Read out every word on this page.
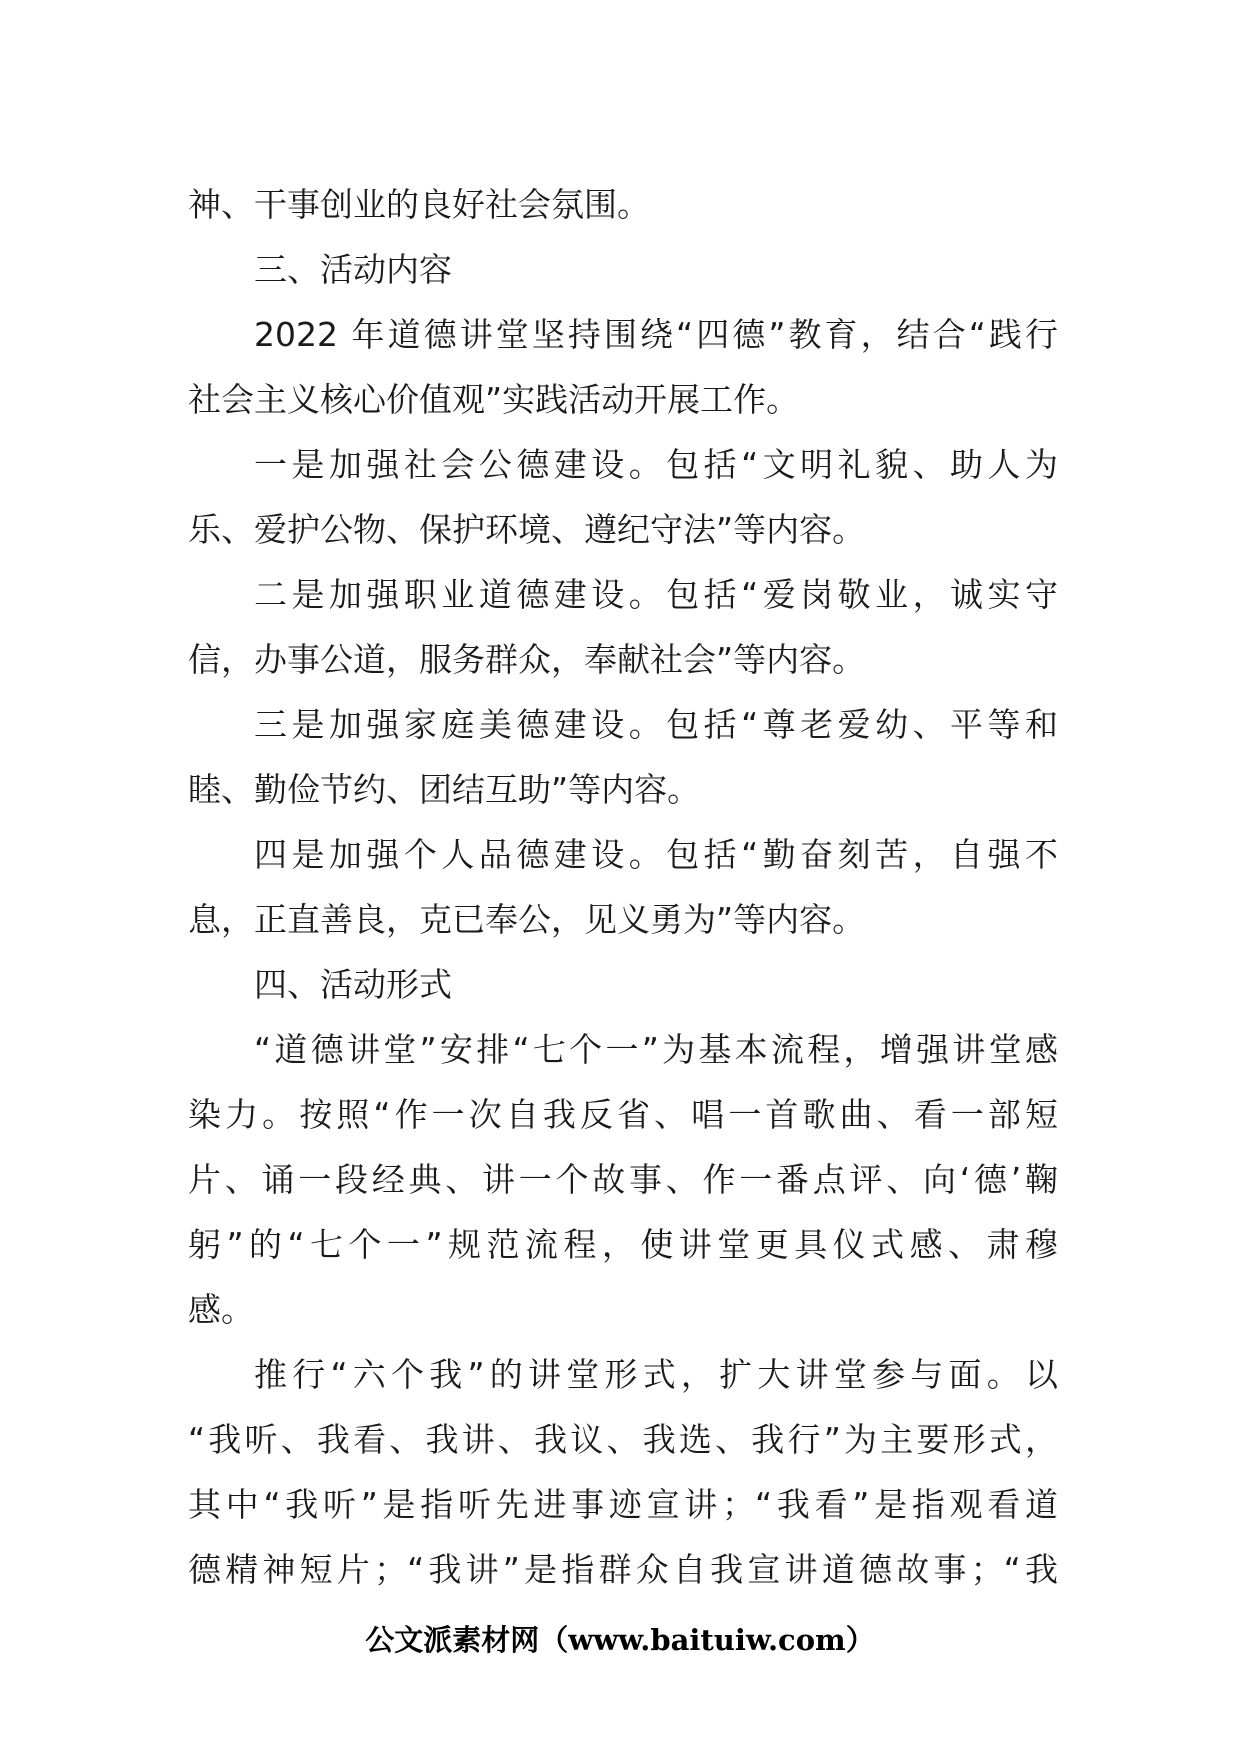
神、干事创业的良好社会氛围。
三、活动内容
2022 年道德讲堂坚持围绕“四德”教育，结合“践行
社会主义核心价值观”实践活动开展工作。
一是加强社会公德建设。包括“文明礼貌、助人为
乐、爱护公物、保护环境、遵纪守法”等内容。
二是加强职业道德建设。包括“爱岗敬业，诚实守
信，办事公道，服务群众，奉献社会”等内容。
三是加强家庭美德建设。包括“尊老爱幼、平等和
睦、勤俭节约、团结互助”等内容。
四是加强个人品德建设。包括“勤奋刻苦，自强不
息，正直善良，克已奉公，见义勇为”等内容。
四、活动形式
“道德讲堂”安排“七个一”为基本流程，增强讲堂感
染力。按照“作一次自我反省、唱一首歌曲、看一部短
片、诵一段经典、讲一个故事、作一番点评、向‘德’鞠
躬”的“七个一”规范流程，使讲堂更具仪式感、肃穆
感。
推行“六个我”的讲堂形式，扩大讲堂参与面。以
“我听、我看、我讲、我议、我选、我行”为主要形式，
其中“我听”是指听先进事迹宣讲；“我看”是指观看道
德精神短片；“我讲”是指群众自我宣讲道德故事；“我
公文派素材网（www.baituiw.com）
